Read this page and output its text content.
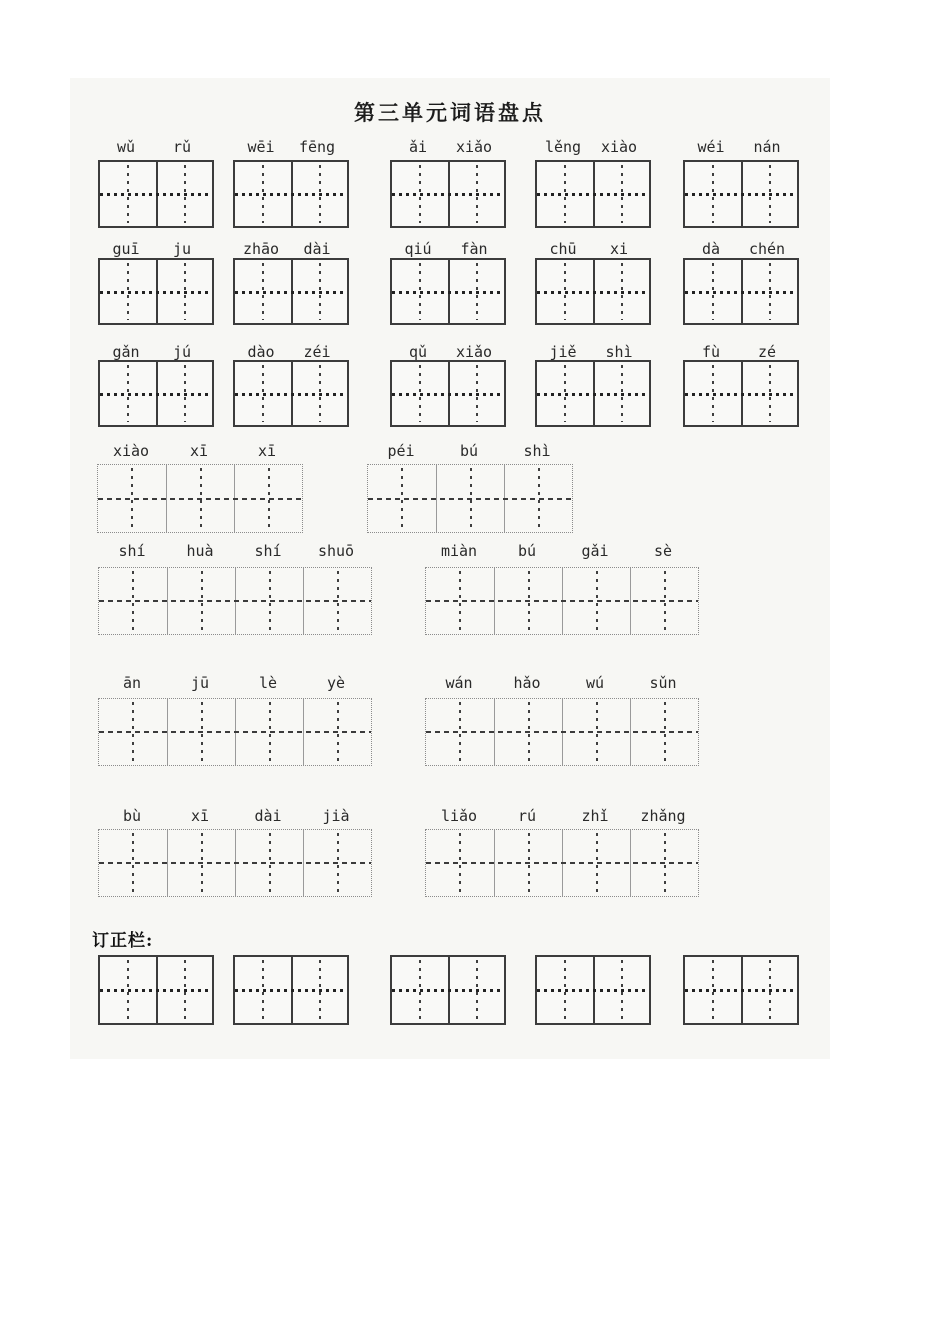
第三单元词语盘点
wǔ	rǔ	wēi	fēng	ǎi	xiǎo	lěng	xiào	wéi	nán
guī	ju	zhāo	dài	qiú	fàn	chū	xi	dà	chén
gǎn	jú	dào	zéi	qǔ	xiǎo	jiě	shì	fù	zé
xiào	xī	xī	péi	bú	shì
shí	huà	shí	shuō	miàn	bú	gǎi	sè
ān	jū	lè	yè	wán	hǎo	wú	sǔn
bù	xī	dài	jià	liǎo	rú	zhǐ	zhǎng
订正栏:
